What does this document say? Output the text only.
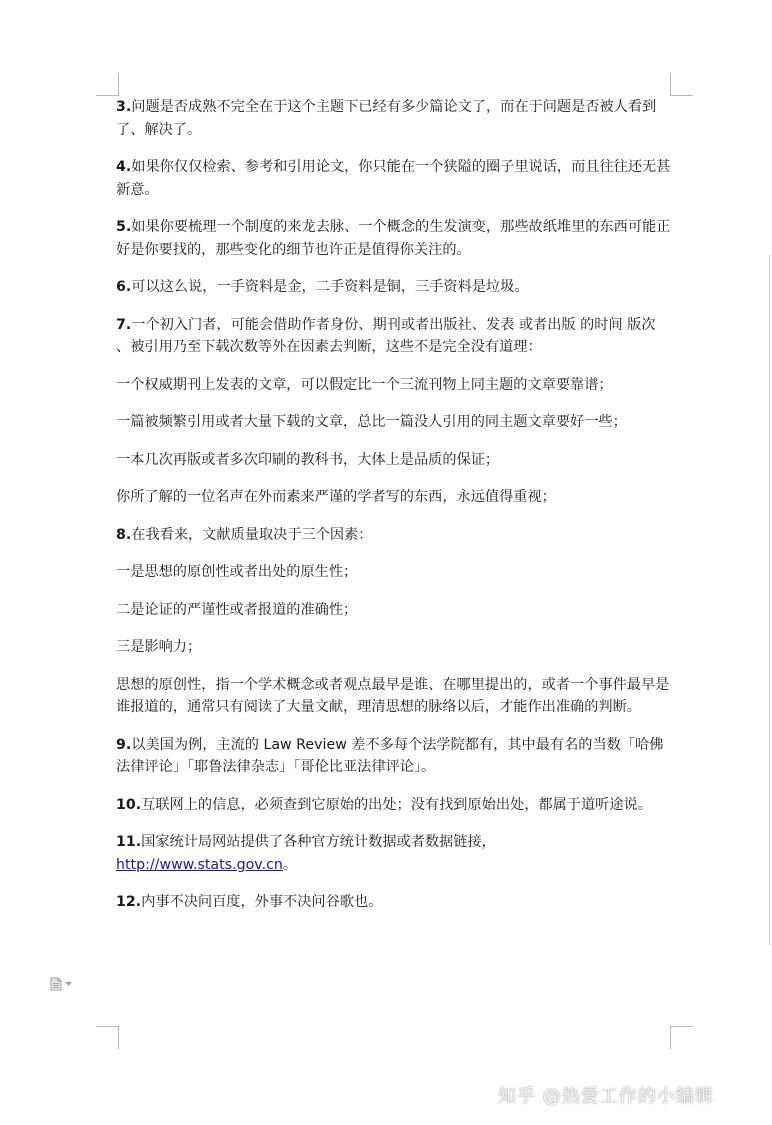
3.问题是否成熟不完全在于这个主题下已经有多少篇论文了，而在于问题是否被人看到了、解决了。

4.如果你仅仅检索、参考和引用论文，你只能在一个狭隘的圈子里说话，而且往往还无甚新意。

5.如果你要梳理一个制度的来龙去脉、一个概念的生发演变，那些故纸堆里的东西可能正好是你要找的，那些变化的细节也许正是值得你关注的。

6.可以这么说，一手资料是金，二手资料是铜，三手资料是垃圾。

7.一个初入门者，可能会借助作者身份、期刊或者出版社、发表 或者出版 的时间 版次 、被引用乃至下载次数等外在因素去判断，这些不是完全没有道理：

一个权威期刊上发表的文章，可以假定比一个三流刊物上同主题的文章要靠谱；

一篇被频繁引用或者大量下载的文章，总比一篇没人引用的同主题文章要好一些；

一本几次再版或者多次印刷的教科书，大体上是品质的保证；

你所了解的一位名声在外而素来严谨的学者写的东西，永远值得重视；

8.在我看来，文献质量取决于三个因素：

一是思想的原创性或者出处的原生性；

二是论证的严谨性或者报道的准确性；

三是影响力；

思想的原创性，指一个学术概念或者观点最早是谁、在哪里提出的，或者一个事件最早是谁报道的，通常只有阅读了大量文献，理清思想的脉络以后，才能作出准确的判断。

9.以美国为例，主流的 Law Review 差不多每个法学院都有，其中最有名的当数「哈佛法律评论」「耶鲁法律杂志」「哥伦比亚法律评论」。

10.互联网上的信息，必须查到它原始的出处；没有找到原始出处，都属于道听途说。

11.国家统计局网站提供了各种官方统计数据或者数据链接，
http://www.stats.gov.cn。

12.内事不决问百度，外事不决问谷歌也。

知乎 @热爱工作的小编辑
